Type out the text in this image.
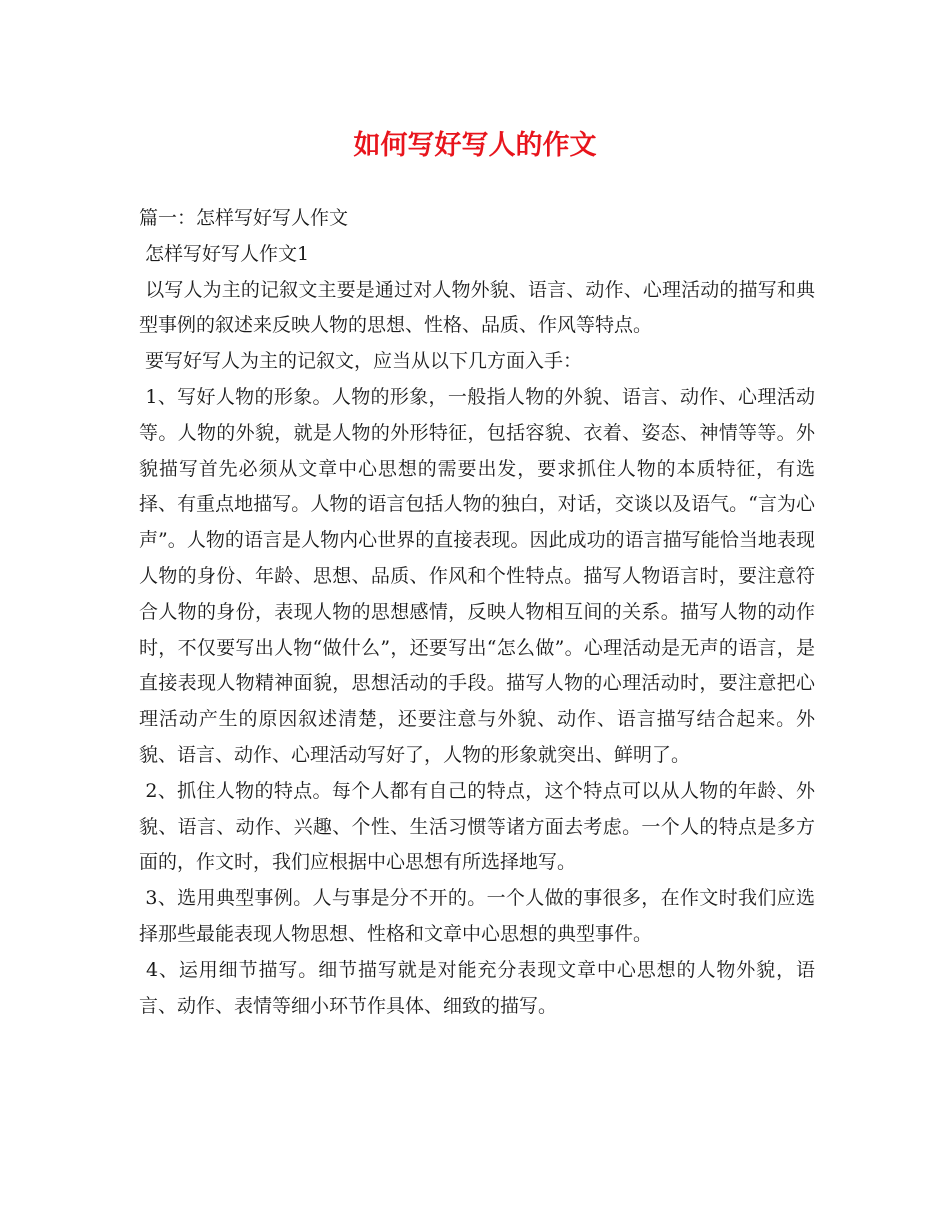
如何写好写人的作文

篇一：怎样写好写人作文

怎样写好写人作文1

以写人为主的记叙文主要是通过对人物外貌、语言、动作、心理活动的描写和典型事例的叙述来反映人物的思想、性格、品质、作风等特点。

要写好写人为主的记叙文，应当从以下几方面入手：

1、写好人物的形象。人物的形象，一般指人物的外貌、语言、动作、心理活动等。人物的外貌，就是人物的外形特征，包括容貌、衣着、姿态、神情等等。外貌描写首先必须从文章中心思想的需要出发，要求抓住人物的本质特征，有选择、有重点地描写。人物的语言包括人物的独白，对话，交谈以及语气。“言为心声”。人物的语言是人物内心世界的直接表现。因此成功的语言描写能恰当地表现人物的身份、年龄、思想、品质、作风和个性特点。描写人物语言时，要注意符合人物的身份，表现人物的思想感情，反映人物相互间的关系。描写人物的动作时，不仅要写出人物“做什么”，还要写出“怎么做”。心理活动是无声的语言，是直接表现人物精神面貌，思想活动的手段。描写人物的心理活动时，要注意把心理活动产生的原因叙述清楚，还要注意与外貌、动作、语言描写结合起来。外貌、语言、动作、心理活动写好了，人物的形象就突出、鲜明了。

2、抓住人物的特点。每个人都有自己的特点，这个特点可以从人物的年龄、外貌、语言、动作、兴趣、个性、生活习惯等诸方面去考虑。一个人的特点是多方面的，作文时，我们应根据中心思想有所选择地写。

3、选用典型事例。人与事是分不开的。一个人做的事很多，在作文时我们应选择那些最能表现人物思想、性格和文章中心思想的典型事件。

4、运用细节描写。细节描写就是对能充分表现文章中心思想的人物外貌，语言、动作、表情等细小环节作具体、细致的描写。
